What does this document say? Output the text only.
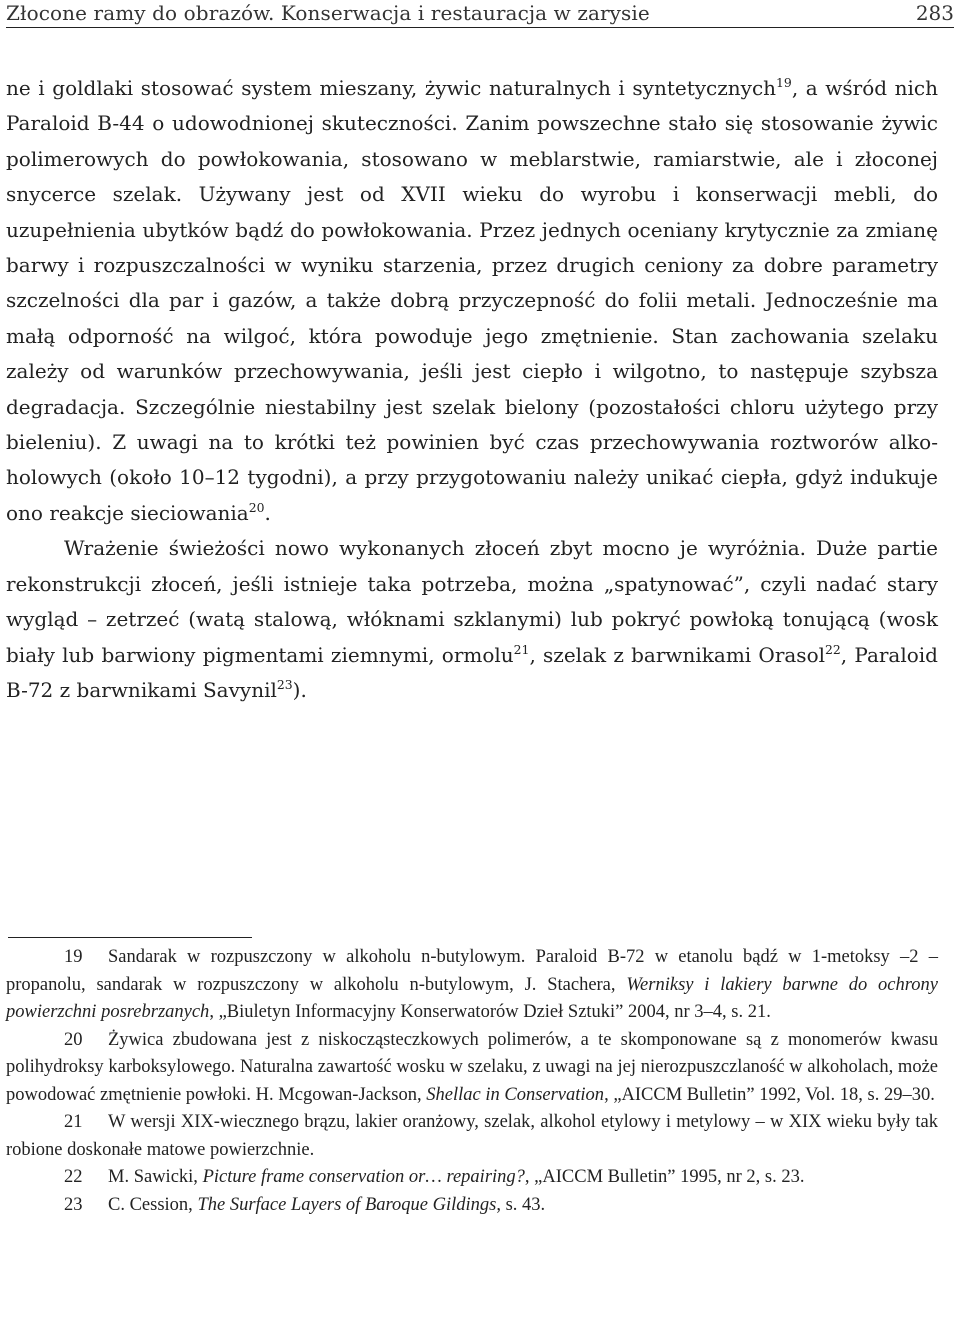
Złocone ramy do obrazów. Konserwacja i restauracja w zarysie	283

ne i goldlaki stosować system mieszany, żywic naturalnych i syntetycznych$^{19}$, a wśród nich Paraloid B-44 o udowodnionej skuteczności. Zanim powszechne stało się stosowanie żywic polimerowych do powłokowania, stosowano w meblarstwie, ramiarstwie, ale i złoconej snycerce szelak. Używany jest od XVII wieku do wyrobu i konserwacji mebli, do uzupełnienia ubytków bądź do powłokowania. Przez jednych oceniany krytycznie za zmianę barwy i rozpuszczalności w wyniku starzenia, przez drugich ceniony za dobre parametry szczelności dla par i gazów, a także dobrą przyczepność do folii metali. Jednocześnie ma małą odporność na wilgoć, która powoduje jego zmętnienie. Stan zachowania szelaku zależy od warunków przechowywania, jeśli jest ciepło i wilgotno, to następuje szybsza degradacja. Szczególnie niestabilny jest szelak bielony (pozostałości chloru użytego przy bieleniu). Z uwagi na to krótki też powinien być czas przechowywania roztworów alkoholowych (około 10–12 tygodni), a przy przygotowaniu należy unikać ciepła, gdyż indukuje ono reakcje sieciowania$^{20}$.

Wrażenie świeżości nowo wykonanych złoceń zbyt mocno je wyróżnia. Duże partie rekonstrukcji złoceń, jeśli istnieje taka potrzeba, można „spatynować”, czyli nadać stary wygląd – zetrzeć (watą stalową, włóknami szklanymi) lub pokryć powłoką tonującą (wosk biały lub barwiony pigmentami ziemnymi, ormolu$^{21}$, szelak z barwnikami Orasol$^{22}$, Paraloid B-72 z barwnikami Savynil$^{23}$).

19 Sandarak w rozpuszczony w alkoholu n-butylowym. Paraloid B-72 w etanolu bądź w 1-metoksy –2 – propanolu, sandarak w rozpuszczony w alkoholu n-butylowym, J. Stachera, Werniksy i lakiery barwne do ochrony powierzchni posrebrzanych, „Biuletyn Informacyjny Konserwatorów Dzieł Sztuki” 2004, nr 3–4, s. 21.

20 Żywica zbudowana jest z niskocząsteczkowych polimerów, a te skomponowane są z monomerów kwasu polihydroksy karboksylowego. Naturalna zawartość wosku w szelaku, z uwagi na jej nierozpuszczlaność w alkoholach, może powodować zmętnienie powłoki. H. Mcgowan-Jackson, Shellac in Conservation, „AICCM Bulletin” 1992, Vol. 18, s. 29–30.

21 W wersji XIX-wiecznego brązu, lakier oranżowy, szelak, alkohol etylowy i metylowy – w XIX wieku były tak robione doskonałe matowe powierzchnie.

22 M. Sawicki, Picture frame conservation or… repairing?, „AICCM Bulletin” 1995, nr 2, s. 23.

23 C. Cession, The Surface Layers of Baroque Gildings, s. 43.
